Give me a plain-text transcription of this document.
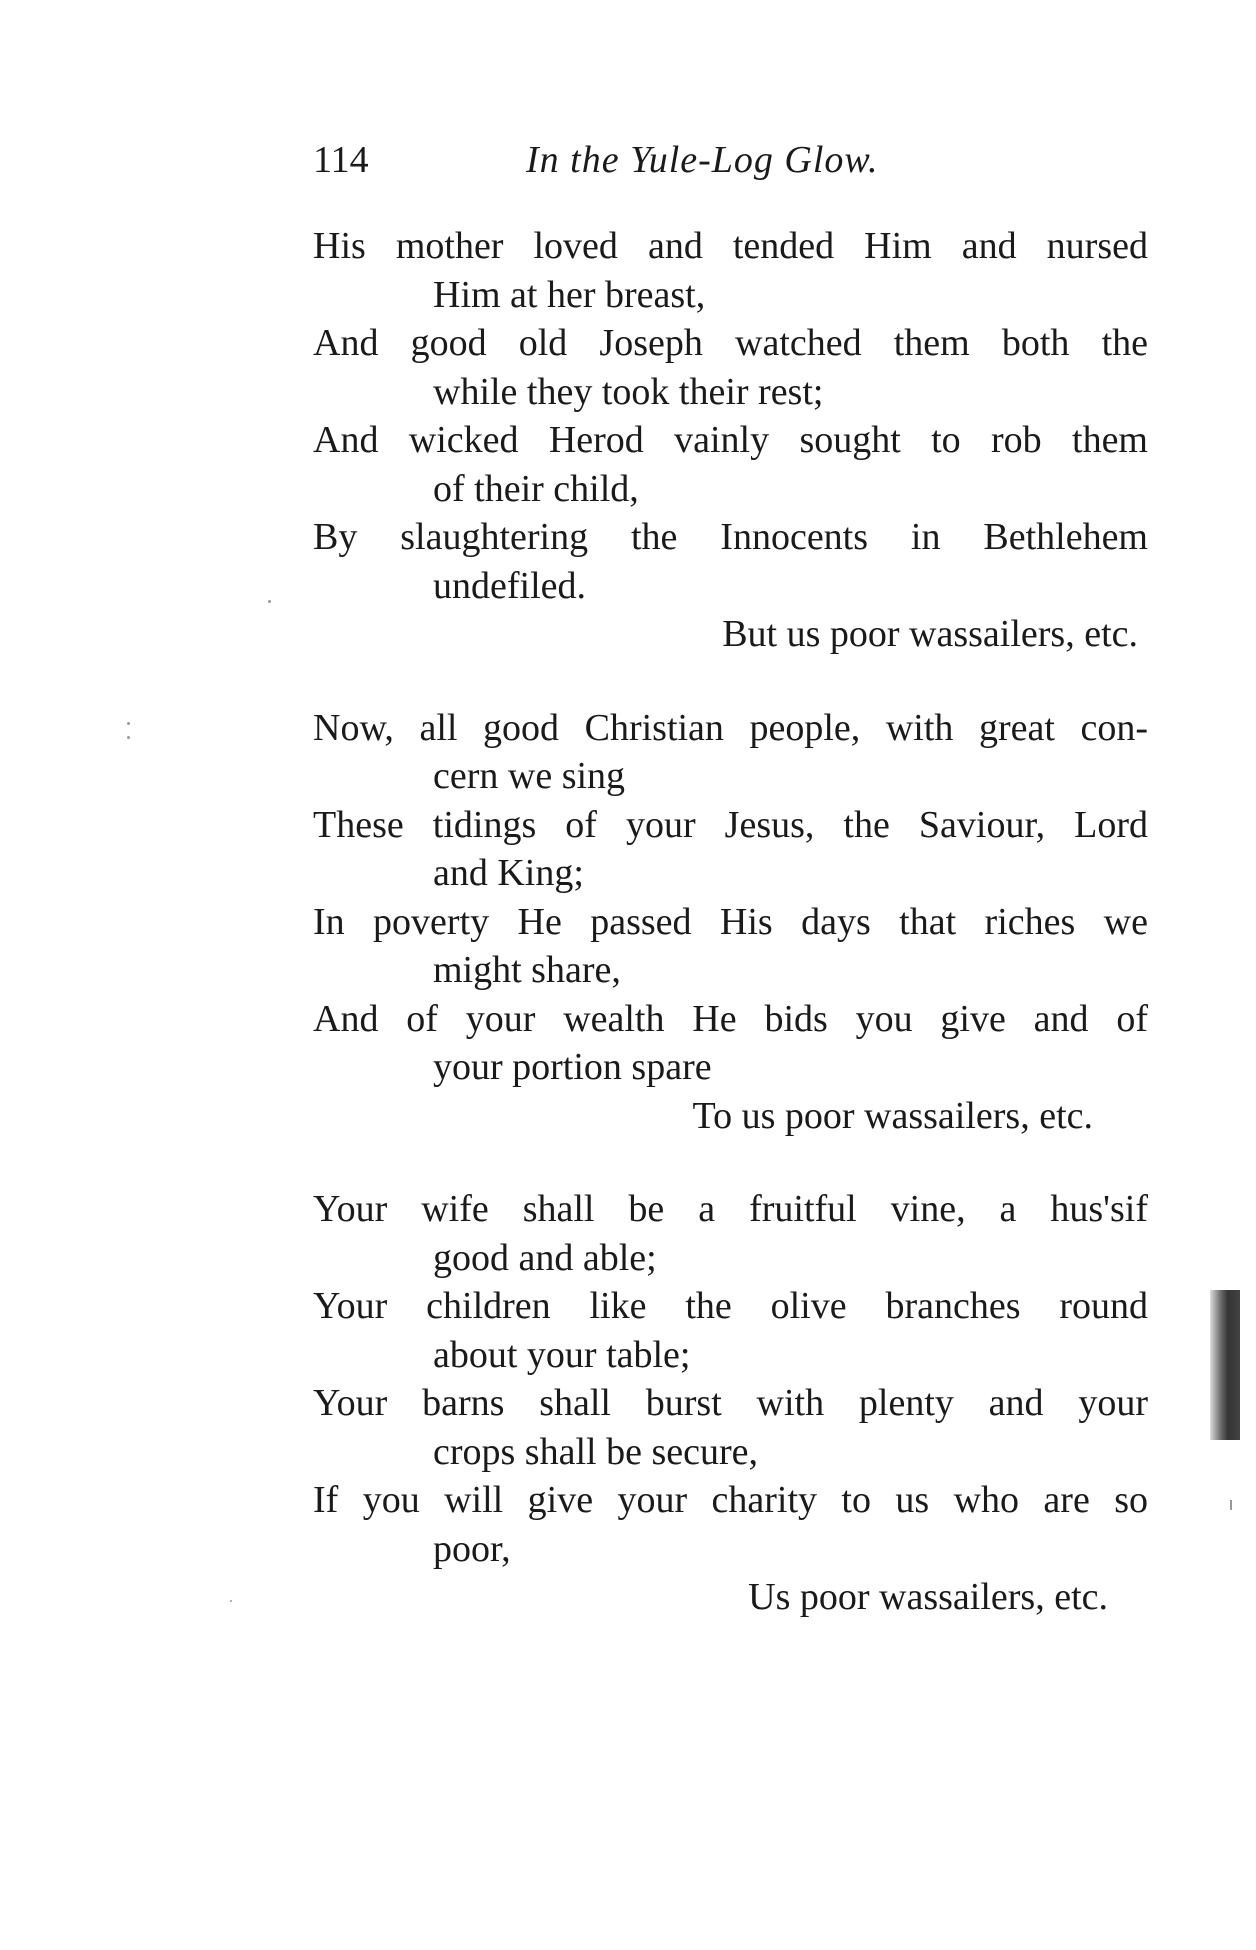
114	In the Yule-Log Glow.
His mother loved and tended Him and nursed
Him at her breast,
And good old Joseph watched them both the
while they took their rest;
And wicked Herod vainly sought to rob them
of their child,
By slaughtering the Innocents in Bethlehem
undefiled.
But us poor wassailers, etc.
Now, all good Christian people, with great con-
cern we sing
These tidings of your Jesus, the Saviour, Lord
and King;
In poverty He passed His days that riches we
might share,
And of your wealth He bids you give and of
your portion spare
To us poor wassailers, etc.
Your wife shall be a fruitful vine, a hus'sif
good and able;
Your children like the olive branches round
about your table;
Your barns shall burst with plenty and your
crops shall be secure,
If you will give your charity to us who are so
poor,
Us poor wassailers, etc.
